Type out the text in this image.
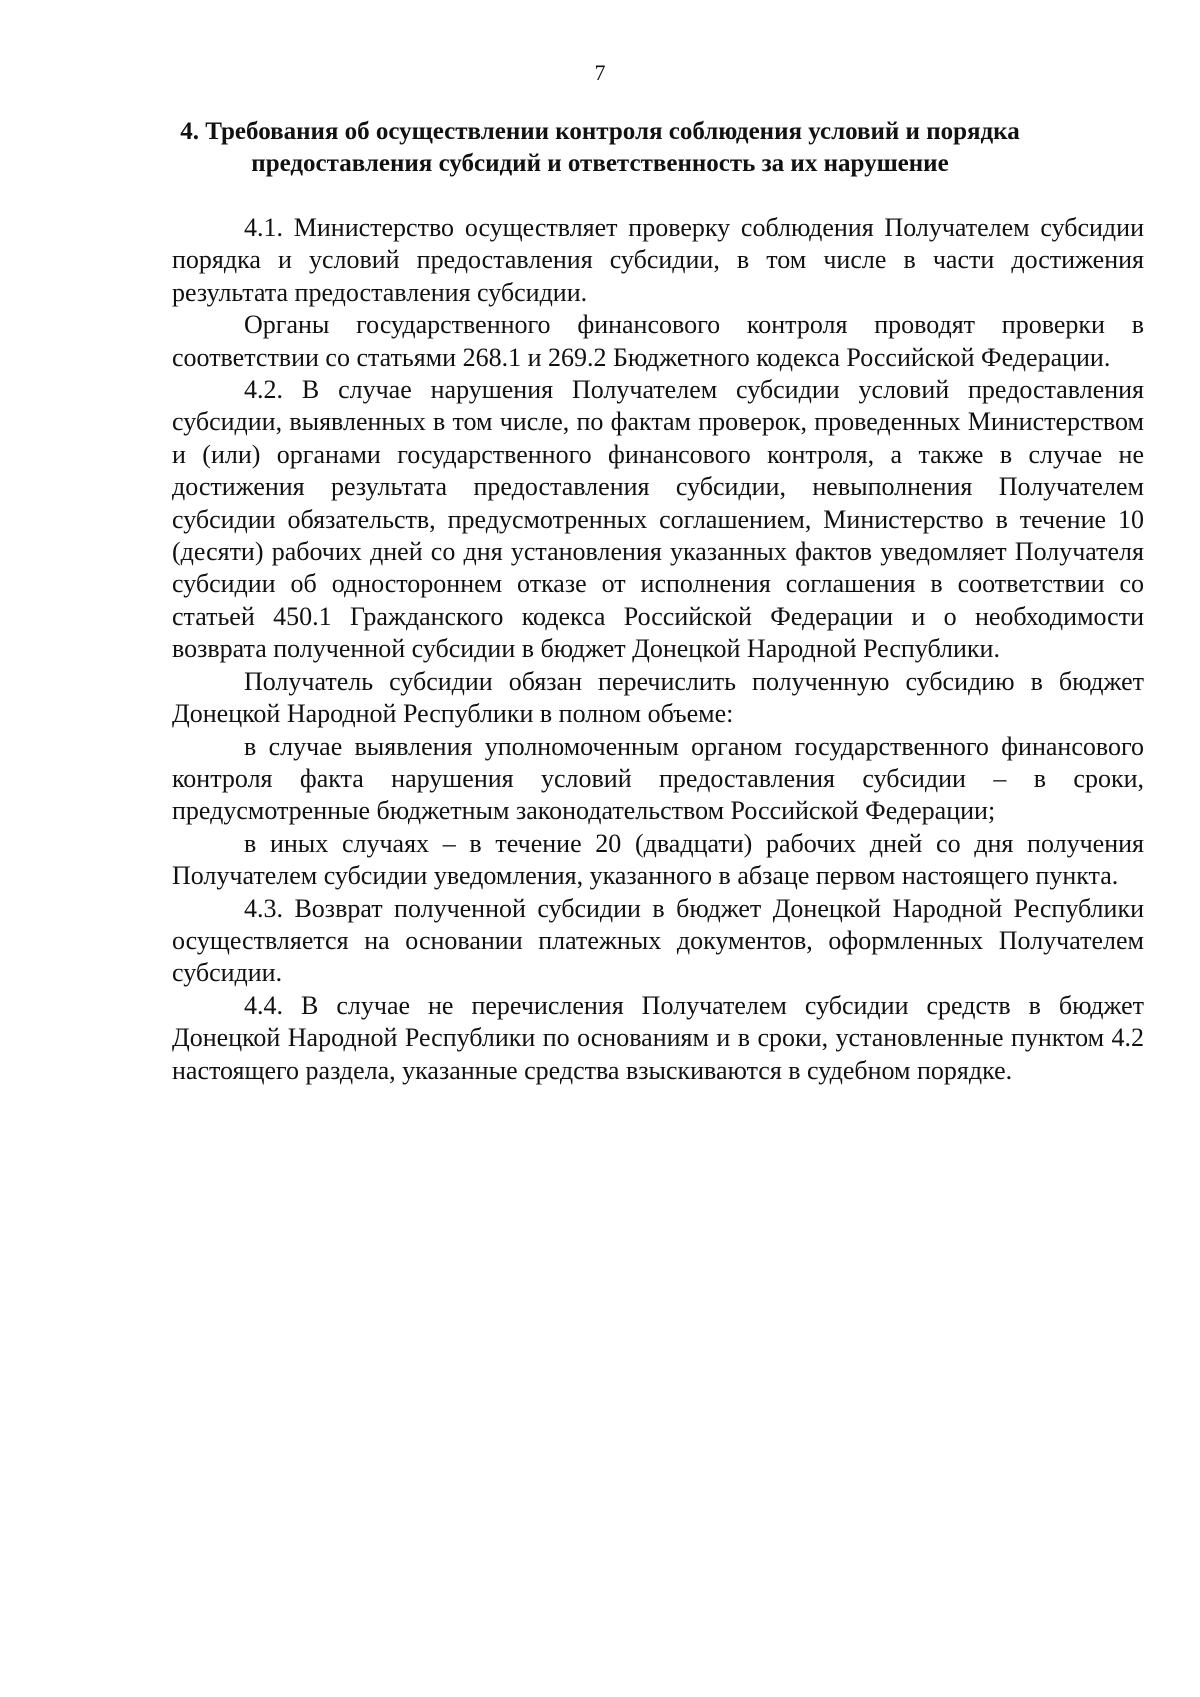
7
4. Требования об осуществлении контроля соблюдения условий и порядка
предоставления субсидий и ответственность за их нарушение

4.1. Министерство осуществляет проверку соблюдения Получателем субсидии порядка и условий предоставления субсидии, в том числе в части достижения результата предоставления субсидии.

Органы государственного финансового контроля проводят проверки в соответствии со статьями 268.1 и 269.2 Бюджетного кодекса Российской Федерации.

4.2. В случае нарушения Получателем субсидии условий предоставления субсидии, выявленных в том числе, по фактам проверок, проведенных Министерством и (или) органами государственного финансового контроля, а также в случае не достижения результата предоставления субсидии, невыполнения Получателем субсидии обязательств, предусмотренных соглашением, Министерство в течение 10 (десяти) рабочих дней со дня установления указанных фактов уведомляет Получателя субсидии об одностороннем отказе от исполнения соглашения в соответствии со статьей 450.1 Гражданского кодекса Российской Федерации и о необходимости возврата полученной субсидии в бюджет Донецкой Народной Республики.

Получатель субсидии обязан перечислить полученную субсидию в бюджет Донецкой Народной Республики в полном объеме:

в случае выявления уполномоченным органом государственного финансового контроля факта нарушения условий предоставления субсидии – в сроки, предусмотренные бюджетным законодательством Российской Федерации;

в иных случаях – в течение 20 (двадцати) рабочих дней со дня получения Получателем субсидии уведомления, указанного в абзаце первом настоящего пункта.

4.3. Возврат полученной субсидии в бюджет Донецкой Народной Республики осуществляется на основании платежных документов, оформленных Получателем субсидии.

4.4. В случае не перечисления Получателем субсидии средств в бюджет Донецкой Народной Республики по основаниям и в сроки, установленные пунктом 4.2 настоящего раздела, указанные средства взыскиваются в судебном порядке.
